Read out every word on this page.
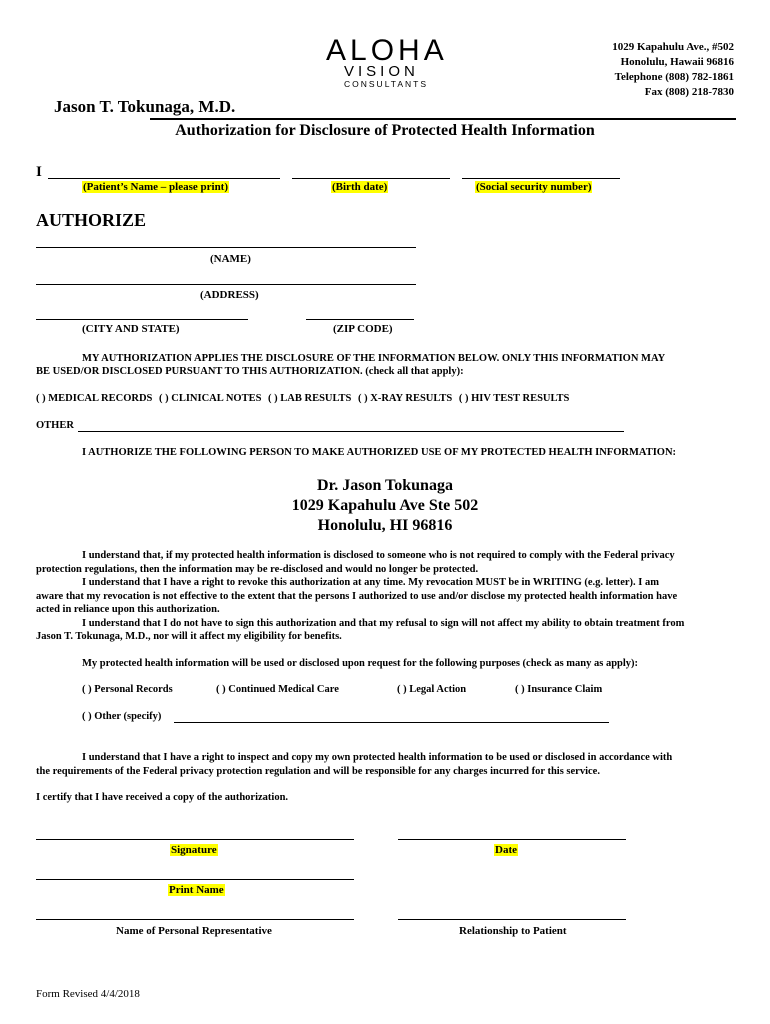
ALOHA
VISION
CONSULTANTS
1029 Kapahulu Ave., #502
Honolulu, Hawaii 96816
Telephone (808) 782-1861
Fax (808) 218-7830
Jason T. Tokunaga, M.D.
Authorization for Disclosure of Protected Health Information
I
(Patient’s Name – please print)	(Birth date)	(Social security number)
AUTHORIZE
(NAME)
(ADDRESS)
(CITY AND STATE)	(ZIP CODE)
MY AUTHORIZATION APPLIES THE DISCLOSURE OF THE INFORMATION BELOW. ONLY THIS INFORMATION MAY
BE USED/OR DISCLOSED PURSUANT TO THIS AUTHORIZATION. (check all that apply):
( ) MEDICAL RECORDS ( ) CLINICAL NOTES ( ) LAB RESULTS ( ) X-RAY RESULTS ( ) HIV TEST RESULTS
OTHER
I AUTHORIZE THE FOLLOWING PERSON TO MAKE AUTHORIZED USE OF MY PROTECTED HEALTH INFORMATION:
Dr. Jason Tokunaga
1029 Kapahulu Ave Ste 502
Honolulu, HI 96816
I understand that, if my protected health information is disclosed to someone who is not required to comply with the Federal privacy
protection regulations, then the information may be re-disclosed and would no longer be protected.
I understand that I have a right to revoke this authorization at any time. My revocation MUST be in WRITING (e.g. letter). I am
aware that my revocation is not effective to the extent that the persons I authorized to use and/or disclose my protected health information have
acted in reliance upon this authorization.
I understand that I do not have to sign this authorization and that my refusal to sign will not affect my ability to obtain treatment from
Jason T. Tokunaga, M.D., nor will it affect my eligibility for benefits.
My protected health information will be used or disclosed upon request for the following purposes (check as many as apply):
( ) Personal Records	( ) Continued Medical Care	( ) Legal Action	( ) Insurance Claim
( ) Other (specify)
I understand that I have a right to inspect and copy my own protected health information to be used or disclosed in accordance with
the requirements of the Federal privacy protection regulation and will be responsible for any charges incurred for this service.
I certify that I have received a copy of the authorization.
Signature	Date
Print Name
Name of Personal Representative	Relationship to Patient
Form Revised 4/4/2018
